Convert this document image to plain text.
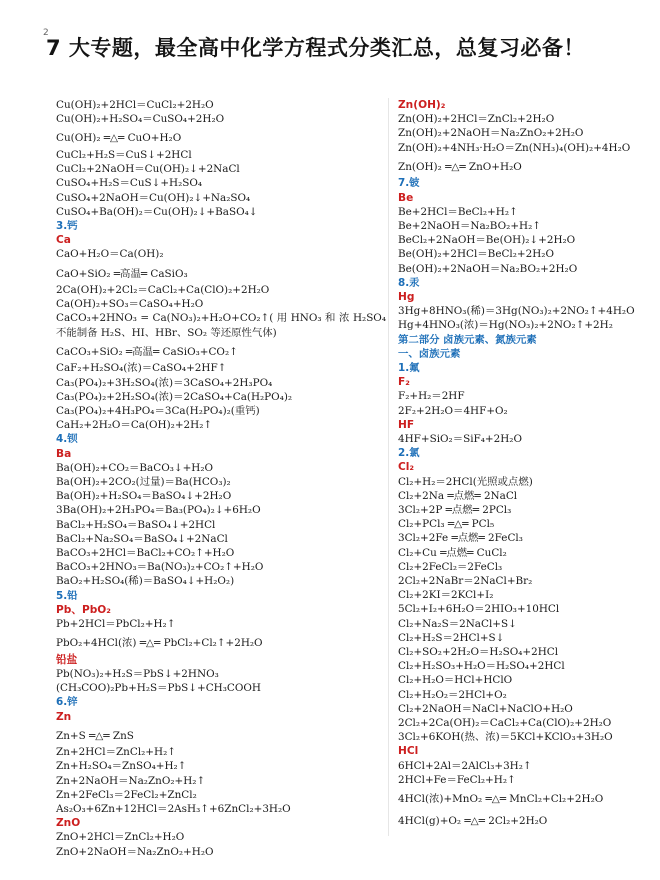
2
7 大专题，最全高中化学方程式分类汇总，总复习必备！
Cu(OH)₂+2HCl＝CuCl₂+2H₂O
Cu(OH)₂+H₂SO₄＝CuSO₄+2H₂O
Cu(OH)₂ ═△═ CuO+H₂O
CuCl₂+H₂S＝CuS↓+2HCl
CuCl₂+2NaOH＝Cu(OH)₂↓+2NaCl
CuSO₄+H₂S＝CuS↓+H₂SO₄
CuSO₄+2NaOH＝Cu(OH)₂↓+Na₂SO₄
CuSO₄+Ba(OH)₂＝Cu(OH)₂↓+BaSO₄↓
3.钙
Ca
CaO+H₂O＝Ca(OH)₂
CaO+SiO₂ ═高温═ CaSiO₃
2Ca(OH)₂+2Cl₂＝CaCl₂+Ca(ClO)₂+2H₂O
Ca(OH)₂+SO₃＝CaSO₄+H₂O
CaCO₃+2HNO₃ = Ca(NO₃)₂+H₂O+CO₂↑( 用 HNO₃ 和 浓 H₂SO₄ 不能制备 H₂S、HI、HBr、SO₂ 等还原性气体)
CaCO₃+SiO₂ ═高温═ CaSiO₃+CO₂↑
CaF₂+H₂SO₄(浓)＝CaSO₄+2HF↑
Ca₃(PO₄)₂+3H₂SO₄(浓)＝3CaSO₄+2H₃PO₄
Ca₃(PO₄)₂+2H₂SO₄(浓)＝2CaSO₄+Ca(H₂PO₄)₂
Ca₃(PO₄)₂+4H₃PO₄＝3Ca(H₂PO₄)₂(重钙)
CaH₂+2H₂O＝Ca(OH)₂+2H₂↑
4.钡
Ba
Ba(OH)₂+CO₂＝BaCO₃↓+H₂O
Ba(OH)₂+2CO₂(过量)＝Ba(HCO₃)₂
Ba(OH)₂+H₂SO₄＝BaSO₄↓+2H₂O
3Ba(OH)₂+2H₃PO₄＝Ba₃(PO₄)₂↓+6H₂O
BaCl₂+H₂SO₄＝BaSO₄↓+2HCl
BaCl₂+Na₂SO₄＝BaSO₄↓+2NaCl
BaCO₃+2HCl＝BaCl₂+CO₂↑+H₂O
BaCO₃+2HNO₃＝Ba(NO₃)₂+CO₂↑+H₂O
BaO₂+H₂SO₄(稀)＝BaSO₄↓+H₂O₂)
5.铅
Pb、PbO₂
Pb+2HCl＝PbCl₂+H₂↑
PbO₂+4HCl(浓) ═△═ PbCl₂+Cl₂↑+2H₂O
铅盐
Pb(NO₃)₂+H₂S＝PbS↓+2HNO₃
(CH₃COO)₂Pb+H₂S＝PbS↓+CH₃COOH
6.锌
Zn
Zn+S ═△═ ZnS
Zn+2HCl＝ZnCl₂+H₂↑
Zn+H₂SO₄＝ZnSO₄+H₂↑
Zn+2NaOH＝Na₂ZnO₂+H₂↑
Zn+2FeCl₃＝2FeCl₂+ZnCl₂
As₂O₃+6Zn+12HCl＝2AsH₃↑+6ZnCl₂+3H₂O
ZnO
ZnO+2HCl＝ZnCl₂+H₂O
ZnO+2NaOH＝Na₂ZnO₂+H₂O
Zn(OH)₂
Zn(OH)₂+2HCl＝ZnCl₂+2H₂O
Zn(OH)₂+2NaOH＝Na₂ZnO₂+2H₂O
Zn(OH)₂+4NH₃·H₂O＝Zn(NH₃)₄(OH)₂+4H₂O
Zn(OH)₂ ═△═ ZnO+H₂O
7.铍
Be
Be+2HCl＝BeCl₂+H₂↑
Be+2NaOH＝Na₂BO₂+H₂↑
BeCl₂+2NaOH＝Be(OH)₂↓+2H₂O
Be(OH)₂+2HCl＝BeCl₂+2H₂O
Be(OH)₂+2NaOH＝Na₂BO₂+2H₂O
8.汞
Hg
3Hg+8HNO₃(稀)＝3Hg(NO₃)₂+2NO₂↑+4H₂O
Hg+4HNO₃(浓)＝Hg(NO₃)₂+2NO₂↑+2H₂
第二部分 卤族元素、氮族元素
一、卤族元素
1.氟
F₂
F₂+H₂＝2HF
2F₂+2H₂O＝4HF+O₂
HF
4HF+SiO₂＝SiF₄+2H₂O
2.氯
Cl₂
Cl₂+H₂＝2HCl(光照或点燃)
Cl₂+2Na ═点燃═ 2NaCl
3Cl₂+2P ═点燃═ 2PCl₃
Cl₂+PCl₃ ═△═ PCl₅
3Cl₂+2Fe ═点燃═ 2FeCl₃
Cl₂+Cu ═点燃═ CuCl₂
Cl₂+2FeCl₂＝2FeCl₃
2Cl₂+2NaBr＝2NaCl+Br₂
Cl₂+2KI＝2KCl+I₂
5Cl₂+I₂+6H₂O＝2HIO₃+10HCl
Cl₂+Na₂S＝2NaCl+S↓
Cl₂+H₂S＝2HCl+S↓
Cl₂+SO₂+2H₂O＝H₂SO₄+2HCl
Cl₂+H₂SO₃+H₂O＝H₂SO₄+2HCl
Cl₂+H₂O＝HCl+HClO
Cl₂+H₂O₂＝2HCl+O₂
Cl₂+2NaOH＝NaCl+NaClO+H₂O
2Cl₂+2Ca(OH)₂＝CaCl₂+Ca(ClO)₂+2H₂O
3Cl₂+6KOH(热、浓)＝5KCl+KClO₃+3H₂O
HCl
6HCl+2Al＝2AlCl₃+3H₂↑
2HCl+Fe＝FeCl₂+H₂↑
4HCl(浓)+MnO₂ ═△═ MnCl₂+Cl₂+2H₂O
4HCl(g)+O₂ ═△═ 2Cl₂+2H₂O
